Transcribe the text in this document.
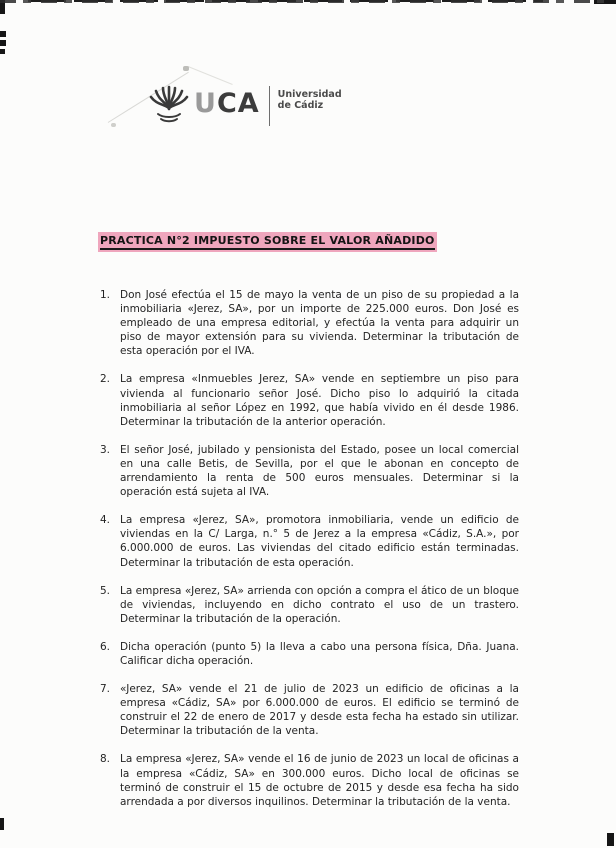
UCA Universidad
de Cádiz
PRACTICA N°2 IMPUESTO SOBRE EL VALOR AÑADIDO
1. Don José efectúa el 15 de mayo la venta de un piso de su propiedad a la inmobiliaria «Jerez, SA», por un importe de 225.000 euros. Don José es empleado de una empresa editorial, y efectúa la venta para adquirir un piso de mayor extensión para su vivienda. Determinar la tributación de esta operación por el IVA.

2. La empresa «Inmuebles Jerez, SA» vende en septiembre un piso para vivienda al funcionario señor José. Dicho piso lo adquirió la citada inmobiliaria al señor López en 1992, que había vivido en él desde 1986. Determinar la tributación de la anterior operación.

3. El señor José, jubilado y pensionista del Estado, posee un local comercial en una calle Betis, de Sevilla, por el que le abonan en concepto de arrendamiento la renta de 500 euros mensuales. Determinar si la operación está sujeta al IVA.

4. La empresa «Jerez, SA», promotora inmobiliaria, vende un edificio de viviendas en la C/ Larga, n.° 5 de Jerez a la empresa «Cádiz, S.A.», por 6.000.000 de euros. Las viviendas del citado edificio están terminadas. Determinar la tributación de esta operación.

5. La empresa «Jerez, SA» arrienda con opción a compra el ático de un bloque de viviendas, incluyendo en dicho contrato el uso de un trastero. Determinar la tributación de la operación.

6. Dicha operación (punto 5) la lleva a cabo una persona física, Dña. Juana. Calificar dicha operación.

7. «Jerez, SA» vende el 21 de julio de 2023 un edificio de oficinas a la empresa «Cádiz, SA» por 6.000.000 de euros. El edificio se terminó de construir el 22 de enero de 2017 y desde esta fecha ha estado sin utilizar. Determinar la tributación de la venta.

8. La empresa «Jerez, SA» vende el 16 de junio de 2023 un local de oficinas a la empresa «Cádiz, SA» en 300.000 euros. Dicho local de oficinas se terminó de construir el 15 de octubre de 2015 y desde esa fecha ha sido arrendada a por diversos inquilinos. Determinar la tributación de la venta.
